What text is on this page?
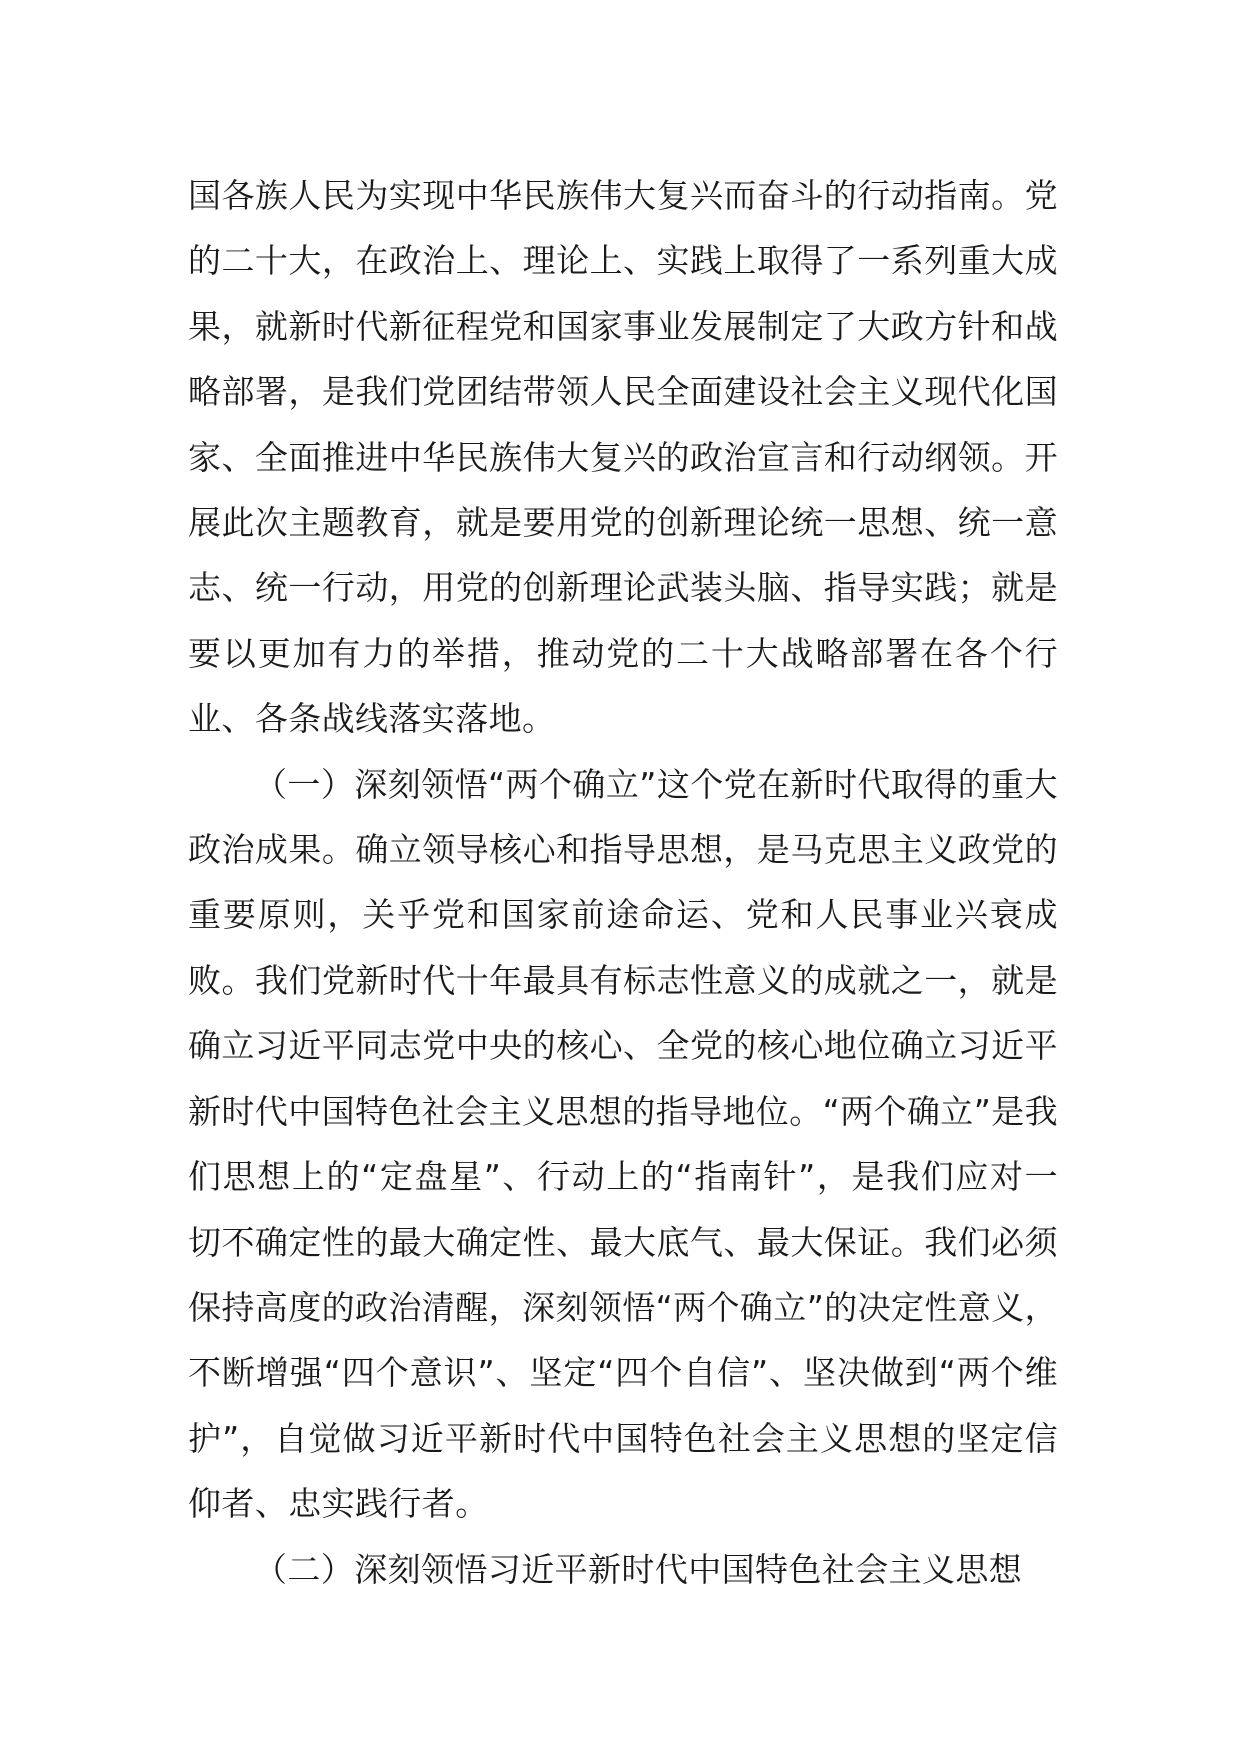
国各族人民为实现中华民族伟大复兴而奋斗的行动指南。党的二十大，在政治上、理论上、实践上取得了一系列重大成果，就新时代新征程党和国家事业发展制定了大政方针和战略部署，是我们党团结带领人民全面建设社会主义现代化国家、全面推进中华民族伟大复兴的政治宣言和行动纲领。开展此次主题教育，就是要用党的创新理论统一思想、统一意志、统一行动，用党的创新理论武装头脑、指导实践；就是要以更加有力的举措，推动党的二十大战略部署在各个行业、各条战线落实落地。

（一）深刻领悟“两个确立”这个党在新时代取得的重大政治成果。确立领导核心和指导思想，是马克思主义政党的重要原则，关乎党和国家前途命运、党和人民事业兴衰成败。我们党新时代十年最具有标志性意义的成就之一，就是确立习近平同志党中央的核心、全党的核心地位确立习近平新时代中国特色社会主义思想的指导地位。“两个确立”是我们思想上的“定盘星”、行动上的“指南针”，是我们应对一切不确定性的最大确定性、最大底气、最大保证。我们必须保持高度的政治清醒，深刻领悟“两个确立”的决定性意义，不断增强“四个意识”、坚定“四个自信”、坚决做到“两个维护”，自觉做习近平新时代中国特色社会主义思想的坚定信仰者、忠实践行者。

（二）深刻领悟习近平新时代中国特色社会主义思想
